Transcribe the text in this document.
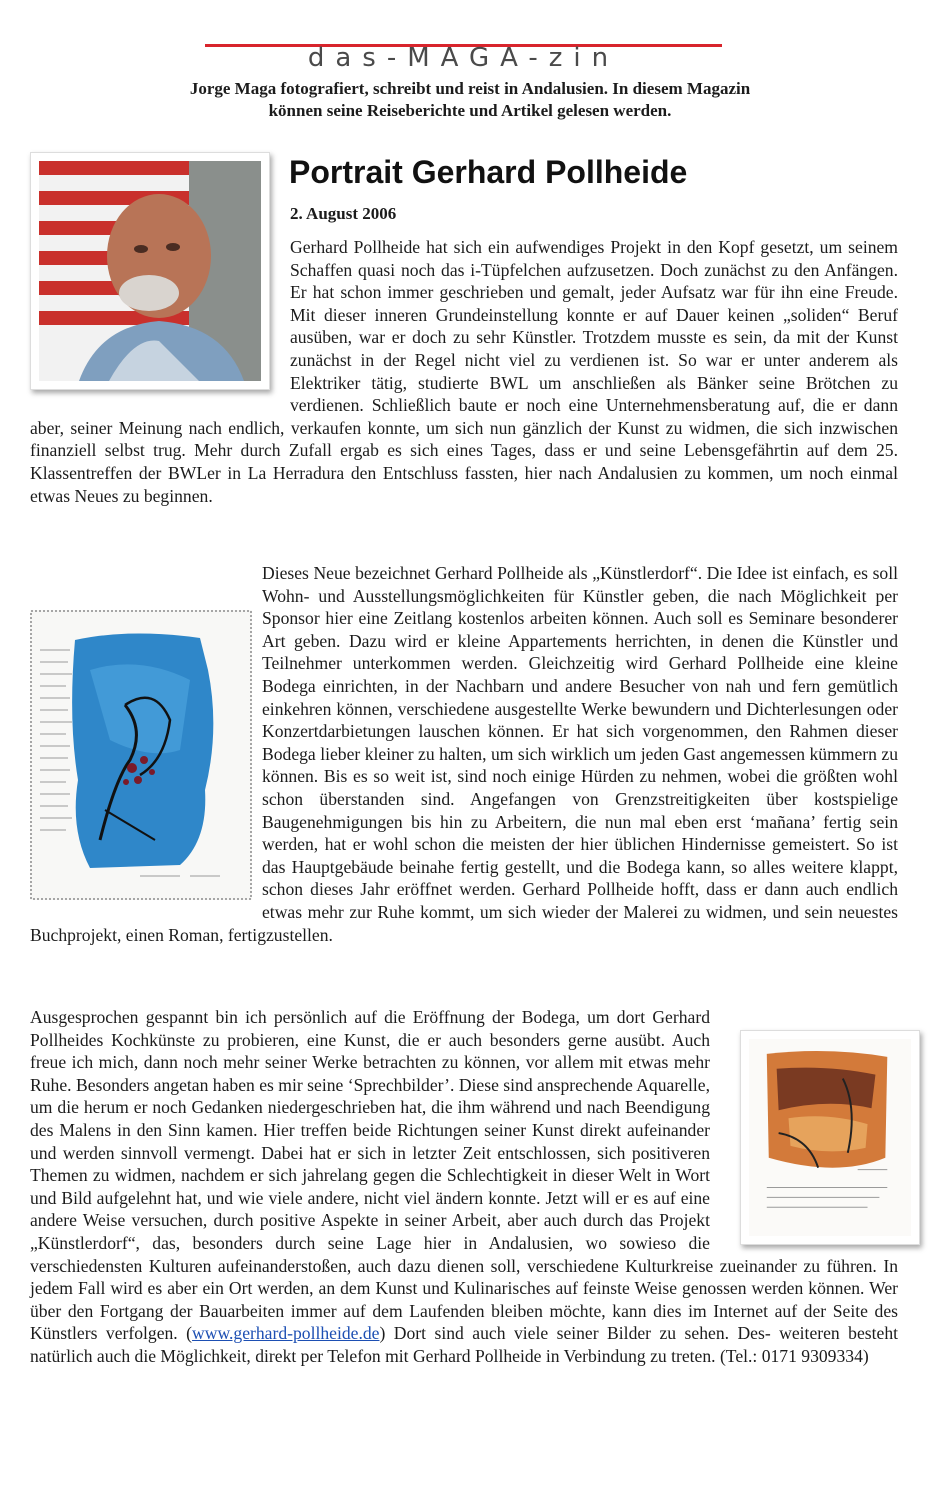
das-MAGA-zin
Jorge Maga fotografiert, schreibt und reist in Andalusien. In diesem Magazin
können seine Reiseberichte und Artikel gelesen werden.
Portrait Gerhard Pollheide
2. August 2006

Gerhard Pollheide hat sich ein aufwendiges Projekt in den Kopf gesetzt, um seinem Schaffen quasi noch das i-Tüpfelchen aufzusetzen. Doch zunächst zu den Anfängen. Er hat schon immer geschrieben und gemalt, jeder Aufsatz war für ihn eine Freude. Mit dieser inneren Grundeinstellung konnte er auf Dauer keinen „soliden“ Beruf ausüben, war er doch zu sehr Künstler. Trotzdem musste es sein, da mit der Kunst zunächst in der Regel nicht viel zu verdienen ist. So war er unter anderem als Elektriker tätig, studierte BWL um anschließen als Bänker seine Brötchen zu verdienen. Schließlich baute er noch eine Unternehmensberatung auf, die er dann aber, seiner Meinung nach endlich, verkaufen konnte, um sich nun gänzlich der Kunst zu widmen, die sich inzwischen finanziell selbst trug. Mehr durch Zufall ergab es sich eines Tages, dass er und seine Lebensgefährtin auf dem 25. Klassentreffen der BWLer in La Herradura den Entschluss fassten, hier nach Andalusien zu kommen, um noch einmal etwas Neues zu beginnen.

Dieses Neue bezeichnet Gerhard Pollheide als „Künstlerdorf“. Die Idee ist einfach, es soll Wohn- und Ausstellungsmöglichkeiten für Künstler geben, die nach Möglichkeit per Sponsor hier eine Zeitlang kostenlos arbeiten können. Auch soll es Seminare besonderer Art geben. Dazu wird er kleine Appartements herrichten, in denen die Künstler und Teilnehmer unterkommen werden. Gleichzeitig wird Gerhard Pollheide eine kleine Bodega einrichten, in der Nachbarn und andere Besucher von nah und fern gemütlich einkehren können, verschiedene ausgestellte Werke bewundern und Dichterlesungen oder Konzertdarbietungen lauschen können. Er hat sich vorgenommen, den Rahmen dieser Bodega lieber kleiner zu halten, um sich wirklich um jeden Gast angemessen kümmern zu können. Bis es so weit ist, sind noch einige Hürden zu nehmen, wobei die größten wohl schon überstanden sind. Angefangen von Grenzstreitigkeiten über kostspielige Baugenehmigungen bis hin zu Arbeitern, die nun mal eben erst ‘mañana’ fertig sein werden, hat er wohl schon die meisten der hier üblichen Hindernisse gemeistert. So ist das Hauptgebäude beinahe fertig gestellt, und die Bodega kann, so alles weitere klappt, schon dieses Jahr eröffnet werden. Gerhard Pollheide hofft, dass er dann auch endlich etwas mehr zur Ruhe kommt, um sich wieder der Malerei zu widmen, und sein neuestes Buchprojekt, einen Roman, fertigzustellen.

Ausgesprochen gespannt bin ich persönlich auf die Eröffnung der Bodega, um dort Gerhard Pollheides Kochkünste zu probieren, eine Kunst, die er auch besonders gerne ausübt. Auch freue ich mich, dann noch mehr seiner Werke betrachten zu können, vor allem mit etwas mehr Ruhe. Besonders angetan haben es mir seine ‘Sprechbilder’. Diese sind ansprechende Aquarelle, um die herum er noch Gedanken niedergeschrieben hat, die ihm während und nach Beendigung des Malens in den Sinn kamen. Hier treffen beide Richtungen seiner Kunst direkt aufeinander und werden sinnvoll vermengt. Dabei hat er sich in letzter Zeit entschlossen, sich positiveren Themen zu widmen, nachdem er sich jahrelang gegen die Schlechtigkeit in dieser Welt in Wort und Bild aufgelehnt hat, und wie viele andere, nicht viel ändern konnte. Jetzt will er es auf eine andere Weise versuchen, durch positive Aspekte in seiner Arbeit, aber auch durch das Projekt „Künstlerdorf“, das, besonders durch seine Lage hier in Andalusien, wo sowieso die verschiedensten Kulturen aufeinanderstoßen, auch dazu dienen soll, verschiedene Kulturkreise zueinander zu führen. In jedem Fall wird es aber ein Ort werden, an dem Kunst und Kulinarisches auf feinste Weise genossen werden können. Wer über den Fortgang der Bauarbeiten immer auf dem Laufenden bleiben möchte, kann dies im Internet auf der Seite des Künstlers verfolgen. (www.gerhard-pollheide.de) Dort sind auch viele seiner Bilder zu sehen. Des- weiteren besteht natürlich auch die Möglichkeit, direkt per Telefon mit Gerhard Pollheide in Verbindung zu treten. (Tel.: 0171 9309334)
